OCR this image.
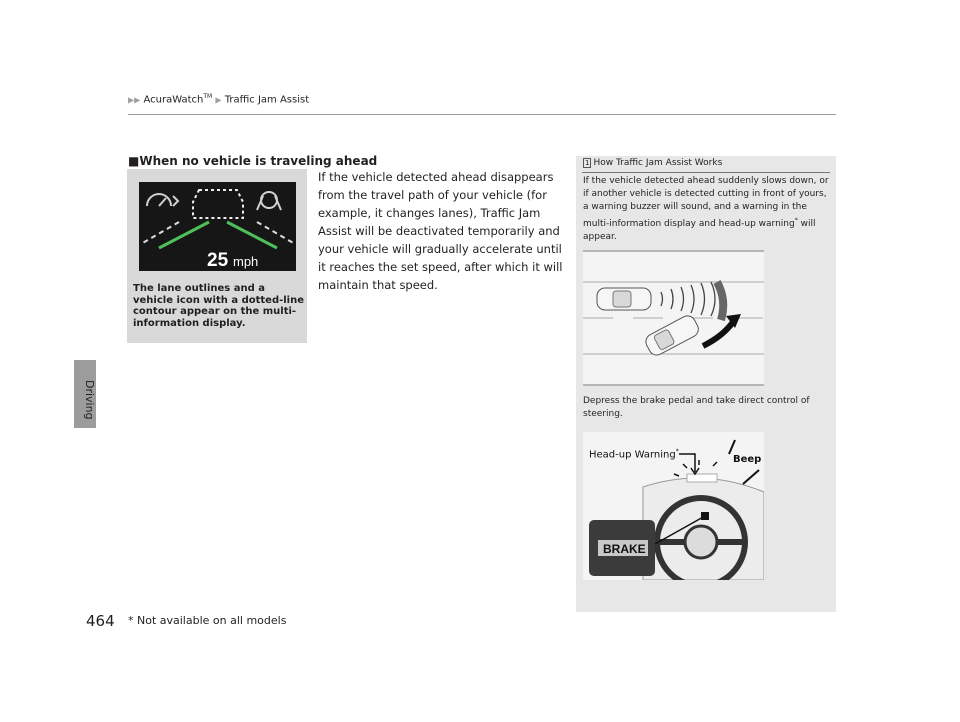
▶▶ AcuraWatch™ ▶ Traffic Jam Assist
Driving
■When no vehicle is traveling ahead
If the vehicle detected ahead disappears from the travel path of your vehicle (for example, it changes lanes), Traffic Jam Assist will be deactivated temporarily and your vehicle will gradually accelerate until it reaches the set speed, after which it will maintain that speed.
25 mph
The lane outlines and a vehicle icon with a dotted-line contour appear on the multi-information display.
1 How Traffic Jam Assist Works
If the vehicle detected ahead suddenly slows down, or if another vehicle is detected cutting in front of yours, a warning buzzer will sound, and a warning in the multi-information display and head-up warning* will appear.
Depress the brake pedal and take direct control of steering.
BRAKE
Head-up Warning*
Beep
464 * Not available on all models
